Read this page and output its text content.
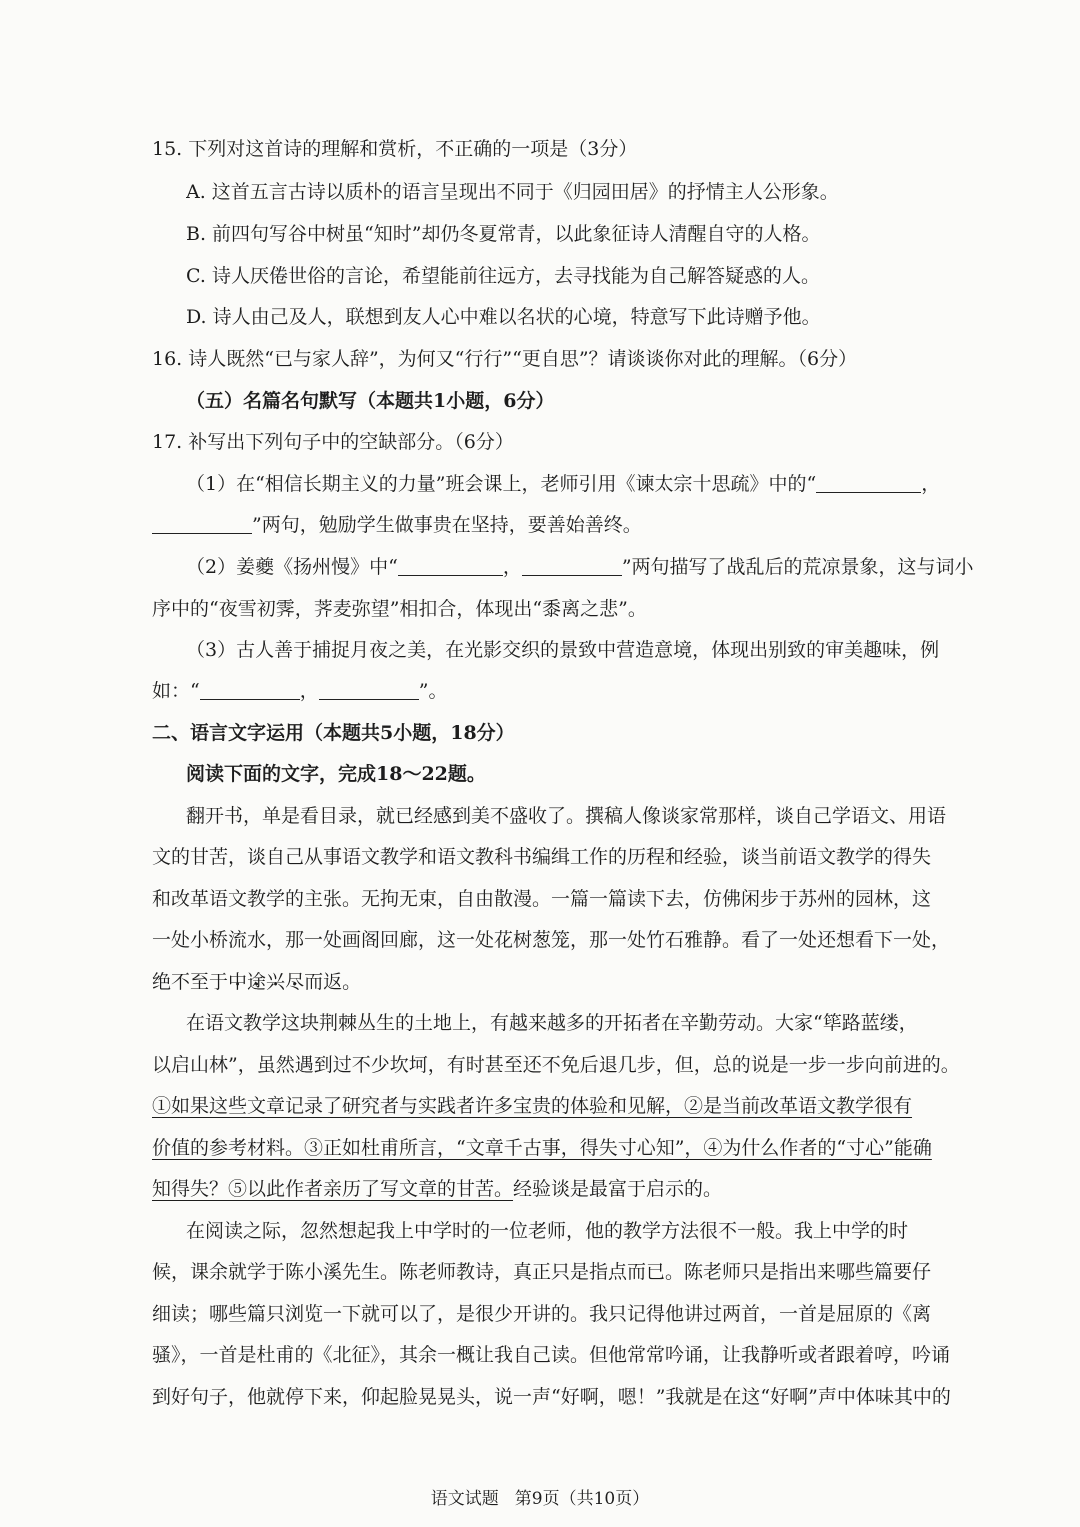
15. 下列对这首诗的理解和赏析，不正确的一项是（3分）
A. 这首五言古诗以质朴的语言呈现出不同于《归园田居》的抒情主人公形象。
B. 前四句写谷中树虽“知时”却仍冬夏常青，以此象征诗人清醒自守的人格。
C. 诗人厌倦世俗的言论，希望能前往远方，去寻找能为自己解答疑惑的人。
D. 诗人由己及人，联想到友人心中难以名状的心境，特意写下此诗赠予他。
16. 诗人既然“已与家人辞”，为何又“行行”“更自思”？请谈谈你对此的理解。（6分）
（五）名篇名句默写（本题共1小题，6分）
17. 补写出下列句子中的空缺部分。（6分）
（1）在“相信长期主义的力量”班会课上，老师引用《谏太宗十思疏》中的“	，
”两句，勉励学生做事贵在坚持，要善始善终。
（2）姜夔《扬州慢》中“	，	”两句描写了战乱后的荒凉景象，这与词小
序中的“夜雪初霁，荠麦弥望”相扣合，体现出“黍离之悲”。
（3）古人善于捕捉月夜之美，在光影交织的景致中营造意境，体现出别致的审美趣味，例
如：“	，	”。
二、语言文字运用（本题共5小题，18分）
阅读下面的文字，完成18～22题。
翻开书，单是看目录，就已经感到美不盛收了。撰稿人像谈家常那样，谈自己学语文、用语
文的甘苦，谈自己从事语文教学和语文教科书编缉工作的历程和经验，谈当前语文教学的得失
和改革语文教学的主张。无拘无束，自由散漫。一篇一篇读下去，仿佛闲步于苏州的园林，这
一处小桥流水，那一处画阁回廊，这一处花树葱笼，那一处竹石雅静。看了一处还想看下一处，
绝不至于中 •途 •兴 •尽 •而返。
在语文教学这块荆棘丛生的土地上，有越来越多的开拓者在辛勤劳动。大家“筚路蓝缕，
以启山林”，虽然遇到过不少坎坷，有时甚至还不免后退几步，但，总的说是一步一步向前进的。
①如果这些文章记录了研究者与实践者许多宝贵的体验和见解，②是当前改革语文教学很有
价值的参考材料。③正如杜甫所言，“文章千古事，得失寸心知”，④为什么作者的“寸心”能确
知得失？⑤以此作者亲历了写文章的甘苦。经验谈是最富于启示的。
在阅读之际，忽然想起我上中学时的一位老师，他的教学方法很不一般。我上中学的时
候，课余就学于陈小溪先生。陈老师教诗，真正只是指点而已。陈老师只是指出来哪些篇要仔
细读；哪些篇只浏览一下就可以了，是很少开讲的。我只记得他讲过两首，一首是屈原的《离
骚》，一首是杜甫的《北征》，其余一概让我自己读。但他常常吟诵，让我静听或者跟着哼，吟诵
到好句子，他就停下来，仰起脸晃晃头，说一声“好啊，嗯！”我就是在这“好啊”声中体味其中的
语文试题 第9页（共10页）
